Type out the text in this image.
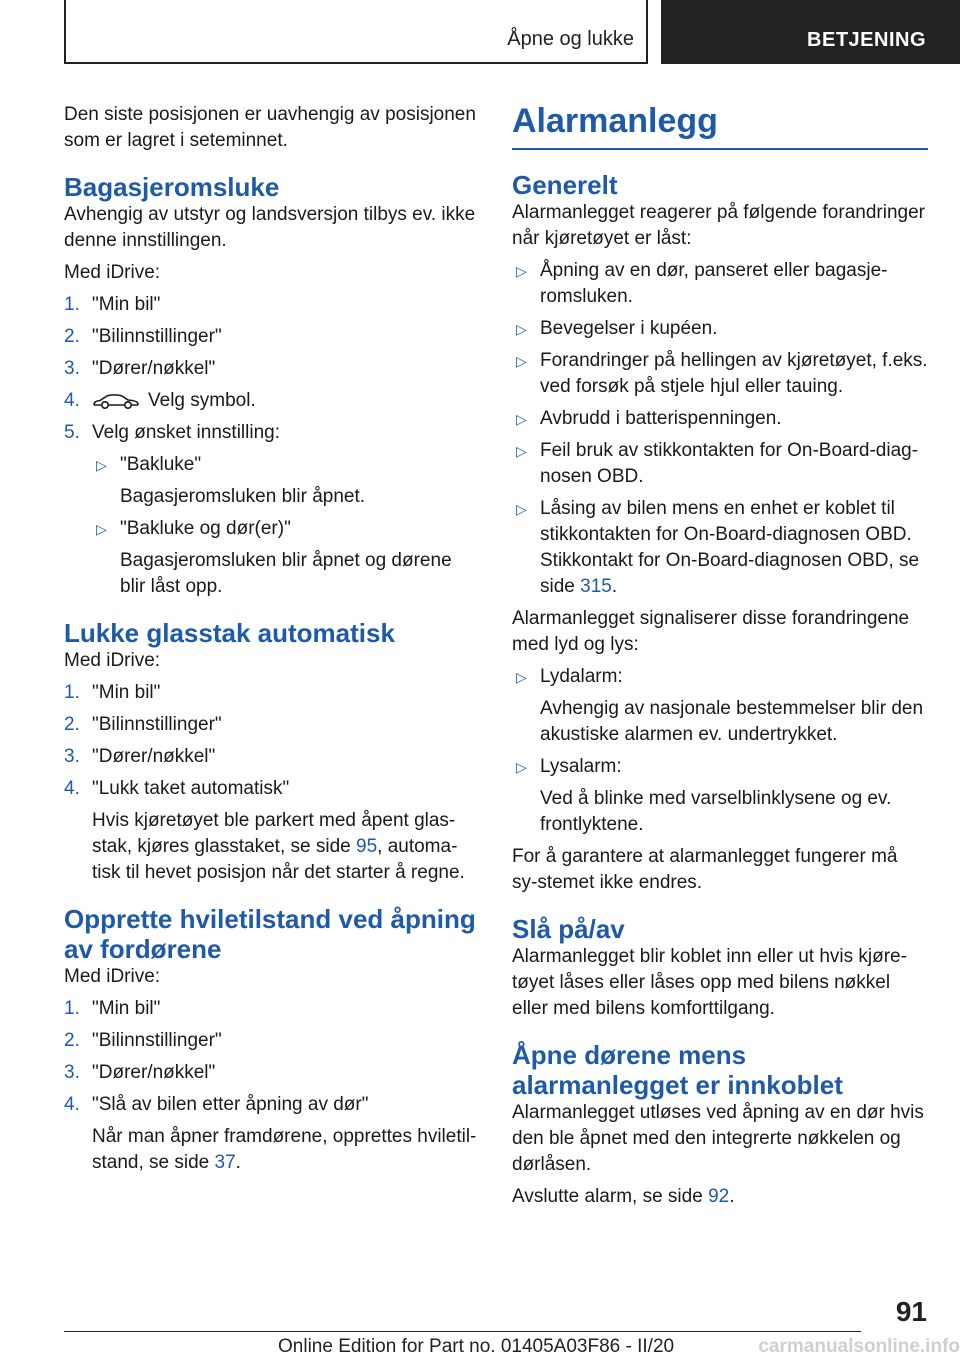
Åpne og lukke	BETJENING

Den siste posisjonen er uavhengig av posisjonen som er lagret i seteminnet.

Bagasjeromsluke

Avhengig av utstyr og landsversjon tilbys ev. ikke denne innstillingen.

Med iDrive:

1. "Min bil"
2. "Bilinnstillinger"
3. "Dører/nøkkel"
4.	Velg symbol.
5. Velg ønsket innstilling:
▷ "Bakluke"
Bagasjeromsluken blir åpnet.
▷ "Bakluke og dør(er)"
Bagasjeromsluken blir åpnet og dørene blir låst opp.
Lukke glasstak automatisk

Med iDrive:

1. "Min bil"
2. "Bilinnstillinger"
3. "Dører/nøkkel"
4. "Lukk taket automatisk"
Hvis kjøretøyet ble parkert med åpent glas-stak, kjøres glasstaket, se side 95, automa-tisk til hevet posisjon når det starter å regne.
Opprette hviletilstand ved åpning av fordørene

Med iDrive:

1. "Min bil"
2. "Bilinnstillinger"
3. "Dører/nøkkel"
4. "Slå av bilen etter åpning av dør"
Når man åpner framdørene, opprettes hviletil-stand, se side 37.
Alarmanlegg
Generelt

Alarmanlegget reagerer på følgende forandringer når kjøretøyet er låst:

▷ Åpning av en dør, panseret eller bagasje-romsluken.
▷ Bevegelser i kupéen.
▷ Forandringer på hellingen av kjøretøyet, f.eks. ved forsøk på stjele hjul eller tauing.
▷ Avbrudd i batterispenningen.
▷ Feil bruk av stikkontakten for On-Board-diag-nosen OBD.
▷ Låsing av bilen mens en enhet er koblet til stikkontakten for On-Board-diagnosen OBD. Stikkontakt for On-Board-diagnosen OBD, se side 315.

Alarmanlegget signaliserer disse forandringene med lyd og lys:

▷ Lydalarm:
Avhengig av nasjonale bestemmelser blir den akustiske alarmen ev. undertrykket.
▷ Lysalarm:
Ved å blinke med varselblinklysene og ev. frontlyktene.

For å garantere at alarmanlegget fungerer må sy-stemet ikke endres.

Slå på/av

Alarmanlegget blir koblet inn eller ut hvis kjøre-tøyet låses eller låses opp med bilens nøkkel eller med bilens komforttilgang.

Åpne dørene mens alarmanlegget er innkoblet

Alarmanlegget utløses ved åpning av en dør hvis den ble åpnet med den integrerte nøkkelen og dørlåsen.

Avslutte alarm, se side 92.

91
Online Edition for Part no. 01405A03F86 - II/20	carmanualsonline.info
